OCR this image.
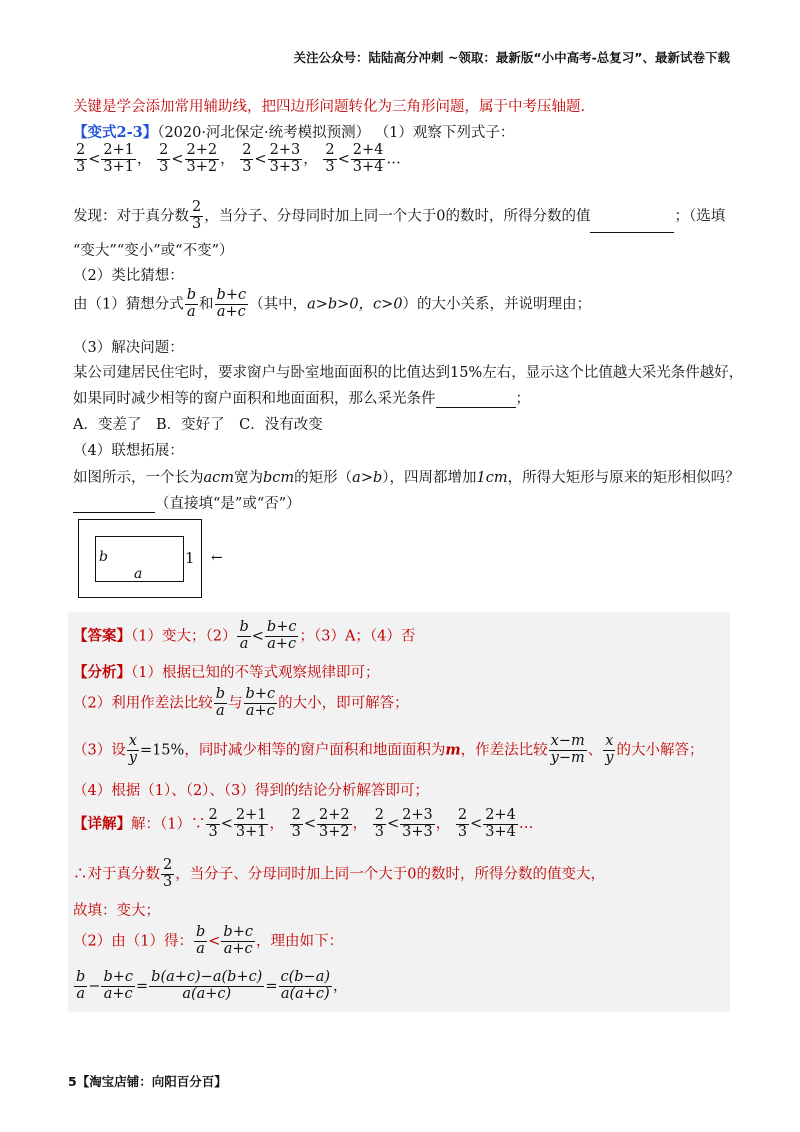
关注公众号：陆陆高分冲刺 ~领取：最新版“小中高考-总复习”、最新试卷下载
关键是学会添加常用辅助线，把四边形问题转化为三角形问题，属于中考压轴题.
【变式2-3】（2020·河北保定·统考模拟预测） （1）观察下列式子：
$\frac{2}{3} < \frac{2+1}{3+1}$ ， $\frac{2}{3} < \frac{2+2}{3+2}$ ， $\frac{2}{3} < \frac{2+3}{3+3}$ ， $\frac{2}{3} < \frac{2+4}{3+4}$ …
发现：对于真分数 $\frac{2}{3}$ ，当分子、分母同时加上同一个大于0的数时，所得分数的值	；（选填
“变大”“变小”或“不变”）
（2）类比猜想：
由（1）猜想分式 $\frac{b}{a}$ 和 $\frac{b+c}{a+c}$ （其中，a>b>0，c>0）的大小关系，并说明理由；
（3）解决问题：
某公司建居民住宅时，要求窗户与卧室地面面积的比值达到15%左右，显示这个比值越大采光条件越好，
如果同时减少相等的窗户面积和地面面积，那么采光条件	；
A．变差了　B．变好了　C．没有改变
（4）联想拓展：
如图所示，一个长为acm宽为bcm的矩形（a>b），四周都增加1cm，所得大矩形与原来的矩形相似吗？
（直接填“是”或“否”）
b
a
1 ←
【答案】（1）变大；$(2) \frac{b}{a} < \frac{b+c}{a+c}$ ；（3）A；（4）否
【分析】（1）根据已知的不等式观察规律即可；
（2）利用作差法比较 $\frac{b}{a}$ 与 $\frac{b+c}{a+c}$ 的大小，即可解答；
（3）设 $\frac{x}{y} =15\%$，同时减少相等的窗户面积和地面面积为m，作差法比较 $\frac{x-m}{y-m}$ 、 $\frac{x}{y}$ 的大小解答；
（4）根据（1）、（2）、（3）得到的结论分析解答即可；
【详解】解：（1）∵ $\frac{2}{3} < \frac{2+1}{3+1}$ ， $\frac{2}{3} < \frac{2+2}{3+2}$ ， $\frac{2}{3} < \frac{2+3}{3+3}$ ， $\frac{2}{3} < \frac{2+4}{3+4}$ …
∴对于真分数 $\frac{2}{3}$ ，当分子、分母同时加上同一个大于0的数时，所得分数的值变大，
故填：变大；
（2）由（1）得： $\frac{b}{a} < \frac{b+c}{a+c}$ ，理由如下：
$\frac{b}{a} - \frac{b+c}{a+c} = \frac{b(a+c)-a(b+c)}{a(a+c)} = \frac{c(b-a)}{a(a+c)}$ ，
5【淘宝店铺：向阳百分百】
